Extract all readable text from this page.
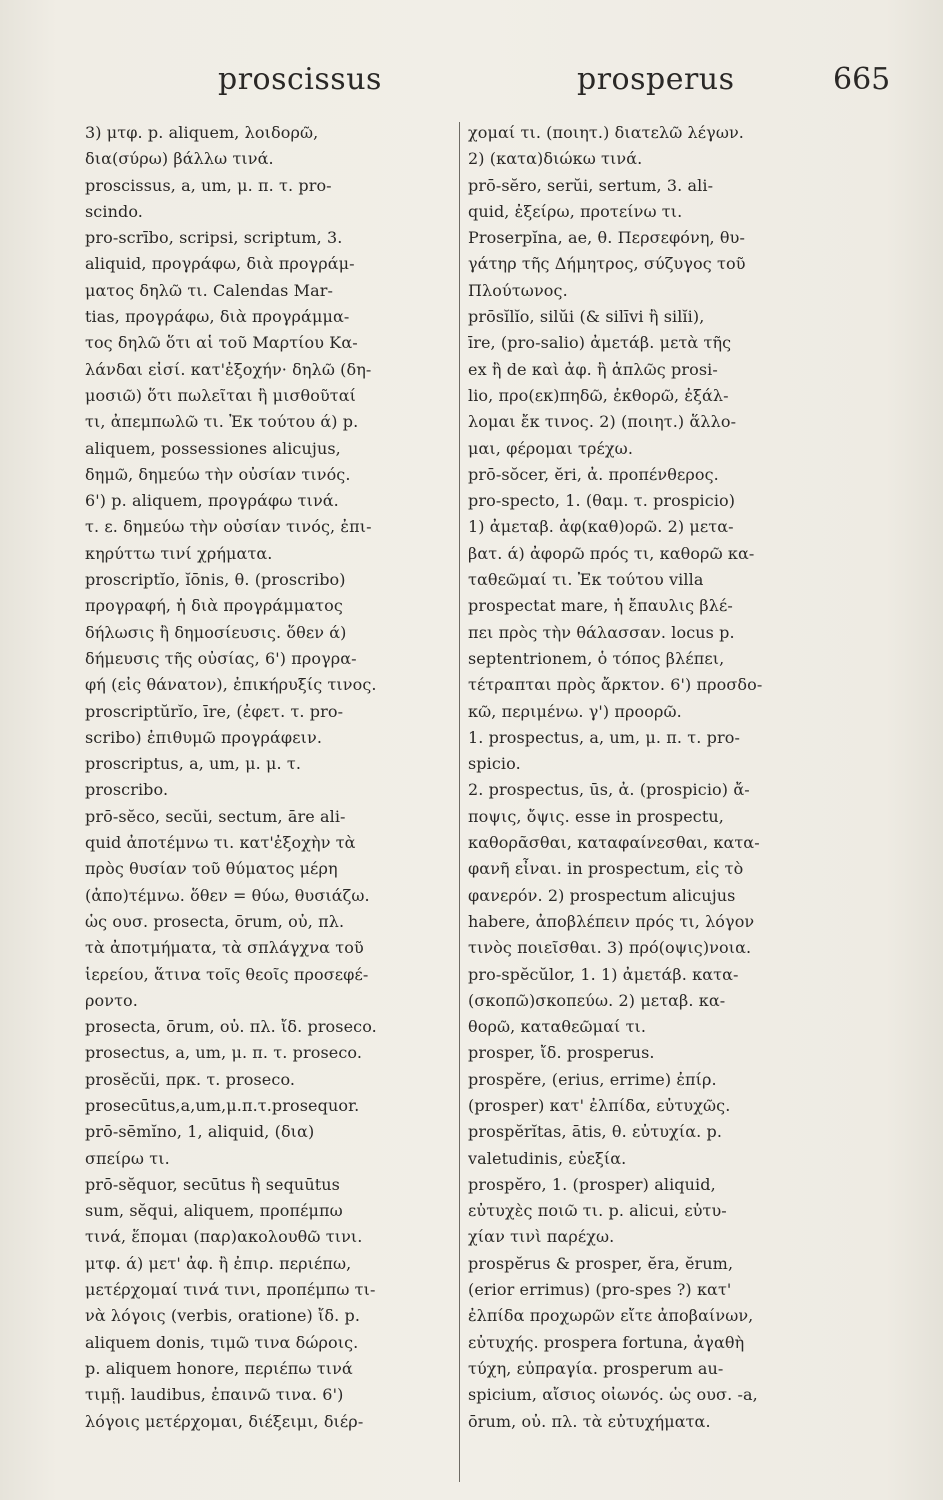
proscissus	prosperus	665
3) μτφ. p. aliquem, λοιδορῶ,
δια(σύρω) βάλλω τινά.
proscissus, a, um, μ. π. τ. pro-
scindo.
pro-scrībo, scripsi, scriptum, 3.
aliquid, προγράφω, διὰ προγράμ-
ματος δηλῶ τι. Calendas Mar-
tias, προγράφω, διὰ προγράμμα-
τος δηλῶ ὅτι αἱ τοῦ Μαρτίου Κα-
λάνδαι εἰσί. κατ'ἐξοχήν· δηλῶ (δη-
μοσιῶ) ὅτι πωλεῖται ἢ μισθοῦταί
τι, ἀπεμπωλῶ τι. Ἐκ τούτου ά) p.
aliquem, possessiones alicujus,
δημῶ, δημεύω τὴν οὐσίαν τινός.
6') p. aliquem, προγράφω τινά.
τ. ε. δημεύω τὴν οὐσίαν τινός, ἐπι-
κηρύττω τινί χρήματα.
proscriptĭo, ĭōnis, θ. (proscribo)
προγραφή, ἡ διὰ προγράμματος
δήλωσις ἢ δημοσίευσις. ὅθεν ά)
δήμευσις τῆς οὐσίας, 6') προγρα-
φή (εἰς θάνατον), ἐπικήρυξίς τινος.
proscriptŭrĭo, īre, (ἐφετ. τ. pro-
scribo) ἐπιθυμῶ προγράφειν.
proscriptus, a, um, μ. μ. τ.
proscribo.
prō-sĕco, secŭi, sectum, āre ali-
quid ἀποτέμνω τι. κατ'ἐξοχὴν τὰ
πρὸς θυσίαν τοῦ θύματος μέρη
(ἀπο)τέμνω. ὅθεν = θύω, θυσιάζω.
ὡς ουσ. prosecta, ōrum, οὐ, πλ.
τὰ ἀποτμήματα, τὰ σπλάγχνα τοῦ
ἱερείου, ἅτινα τοῖς θεοῖς προσεφέ-
ροντο.
prosecta, ōrum, οὐ. πλ. ἴδ. proseco.
prosectus, a, um, μ. π. τ. proseco.
prosĕcŭi, πρκ. τ. proseco.
prosecūtus,a,um,μ.π.τ.prosequor.
prō-sēmĭno, 1, aliquid, (δια)
σπείρω τι.
prō-sĕquor, secūtus ἢ sequūtus
sum, sĕqui, aliquem, προπέμπω
τινά, ἕπομαι (παρ)ακολουθῶ τινι.
μτφ. ά) μετ' ἀφ. ἢ ἐπιρ. περιέπω,
μετέρχομαί τινά τινι, προπέμπω τι-
νὰ λόγοις (verbis, oratione) ἴδ. p.
aliquem donis, τιμῶ τινα δώροις.
p. aliquem honore, περιέπω τινά
τιμῇ. laudibus, ἐπαινῶ τινα. 6')
λόγοις μετέρχομαι, διέξειμι, διέρ-
χομαί τι. (ποιητ.) διατελῶ λέγων.
2) (κατα)διώκω τινά.
prō-sĕro, serŭi, sertum, 3. ali-
quid, ἐξείρω, προτείνω τι.
Proserpĭna, ae, θ. Περσεφόνη, θυ-
γάτηρ τῆς Δήμητρος, σύζυγος τοῦ
Πλούτωνος.
prōsĭlĭo, silŭi (& silīvi ἢ silĭi),
īre, (pro-salio) ἀμετάβ. μετὰ τῆς
ex ἢ de καὶ ἀφ. ἢ ἁπλῶς prosi-
lio, προ(εκ)πηδῶ, ἐκθορῶ, ἐξάλ-
λομαι ἔκ τινος. 2) (ποιητ.) ἅλλο-
μαι, φέρομαι τρέχω.
prō-sŏcer, ĕri, ἀ. προπένθερος.
pro-specto, 1. (θαμ. τ. prospicio)
1) ἀμεταβ. ἀφ(καθ)ορῶ. 2) μετα-
βατ. ά) ἀφορῶ πρός τι, καθορῶ κα-
ταθεῶμαί τι. Ἐκ τούτου villa
prospectat mare, ἡ ἔπαυλις βλέ-
πει πρὸς τὴν θάλασσαν. locus p.
septentrionem, ὁ τόπος βλέπει,
τέτραπται πρὸς ἄρκτον. 6') προσδο-
κῶ, περιμένω. γ') προορῶ.
1. prospectus, a, um, μ. π. τ. pro-
spicio.
2. prospectus, ūs, ἀ. (prospicio) ἄ-
ποψις, ὄψις. esse in prospectu,
καθορᾶσθαι, καταφαίνεσθαι, κατα-
φανῆ εἶναι. in prospectum, εἰς τὸ
φανερόν. 2) prospectum alicujus
habere, ἀποβλέπειν πρός τι, λόγον
τινὸς ποιεῖσθαι. 3) πρό(οψις)νοια.
pro-spĕcŭlor, 1. 1) ἀμετάβ. κατα-
(σκοπῶ)σκοπεύω. 2) μεταβ. κα-
θορῶ, καταθεῶμαί τι.
prosper, ἴδ. prosperus.
prospĕre, (erius, errime) ἐπίρ.
(prosper) κατ' ἐλπίδα, εὐτυχῶς.
prospĕrĭtas, ātis, θ. εὐτυχία. p.
valetudinis, εὐεξία.
prospĕro, 1. (prosper) aliquid,
εὐτυχὲς ποιῶ τι. p. alicui, εὐτυ-
χίαν τινὶ παρέχω.
prospĕrus & prosper, ĕra, ĕrum,
(erior errimus) (pro-spes ?) κατ'
ἐλπίδα προχωρῶν εἴτε ἀποβαίνων,
εὐτυχής. prospera fortuna, ἀγαθὴ
τύχη, εὐπραγία. prosperum au-
spicium, αἴσιος οἰωνός. ὡς ουσ. -a,
ōrum, οὐ. πλ. τὰ εὐτυχήματα.
